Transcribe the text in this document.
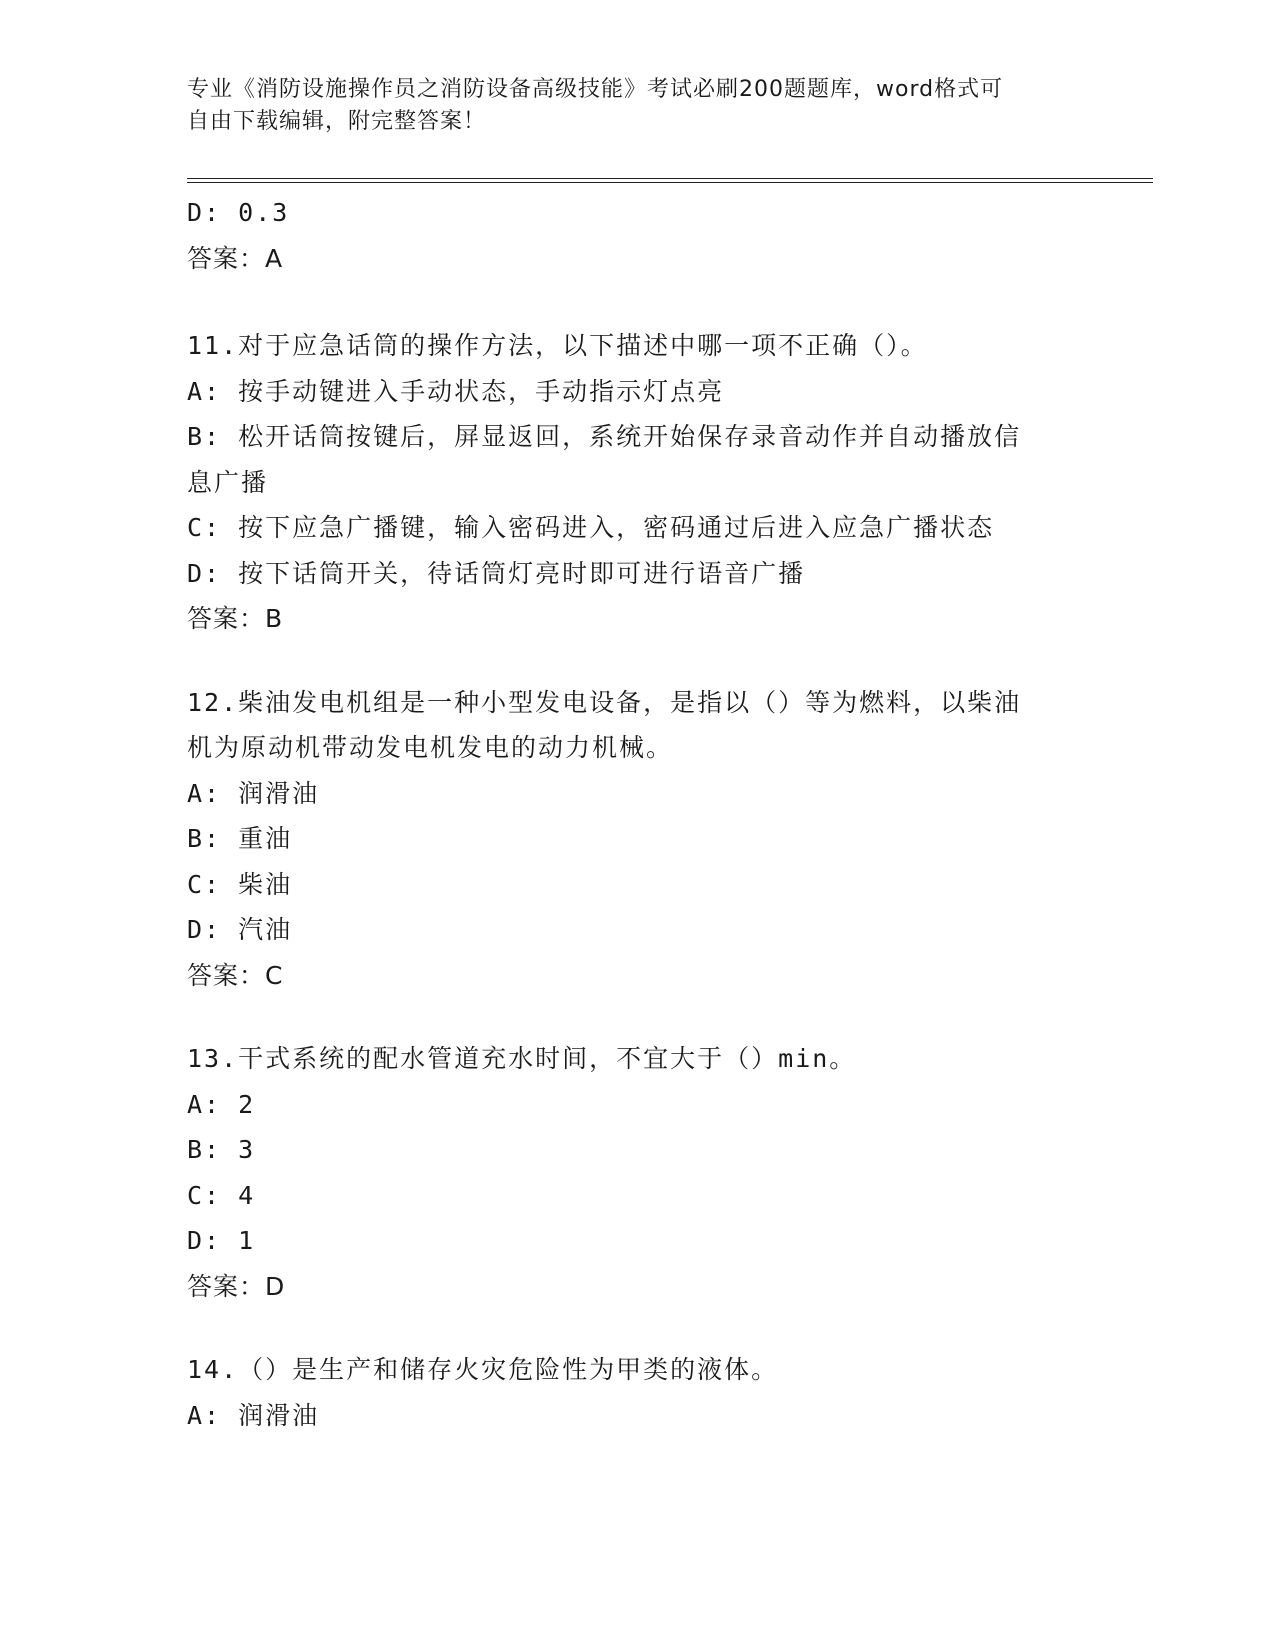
专业《消防设施操作员之消防设备高级技能》考试必刷200题题库，word格式可
自由下载编辑，附完整答案！
D: 0.3
答案：A
11.对于应急话筒的操作方法，以下描述中哪一项不正确（）。
A: 按手动键进入手动状态，手动指示灯点亮
B: 松开话筒按键后，屏显返回，系统开始保存录音动作并自动播放信
息广播
C: 按下应急广播键，输入密码进入，密码通过后进入应急广播状态
D: 按下话筒开关，待话筒灯亮时即可进行语音广播
答案：B
12.柴油发电机组是一种小型发电设备，是指以（）等为燃料，以柴油
机为原动机带动发电机发电的动力机械。
A: 润滑油
B: 重油
C: 柴油
D: 汽油
答案：C
13.干式系统的配水管道充水时间，不宜大于（）min。
A: 2
B: 3
C: 4
D: 1
答案：D
14.（）是生产和储存火灾危险性为甲类的液体。
A: 润滑油
